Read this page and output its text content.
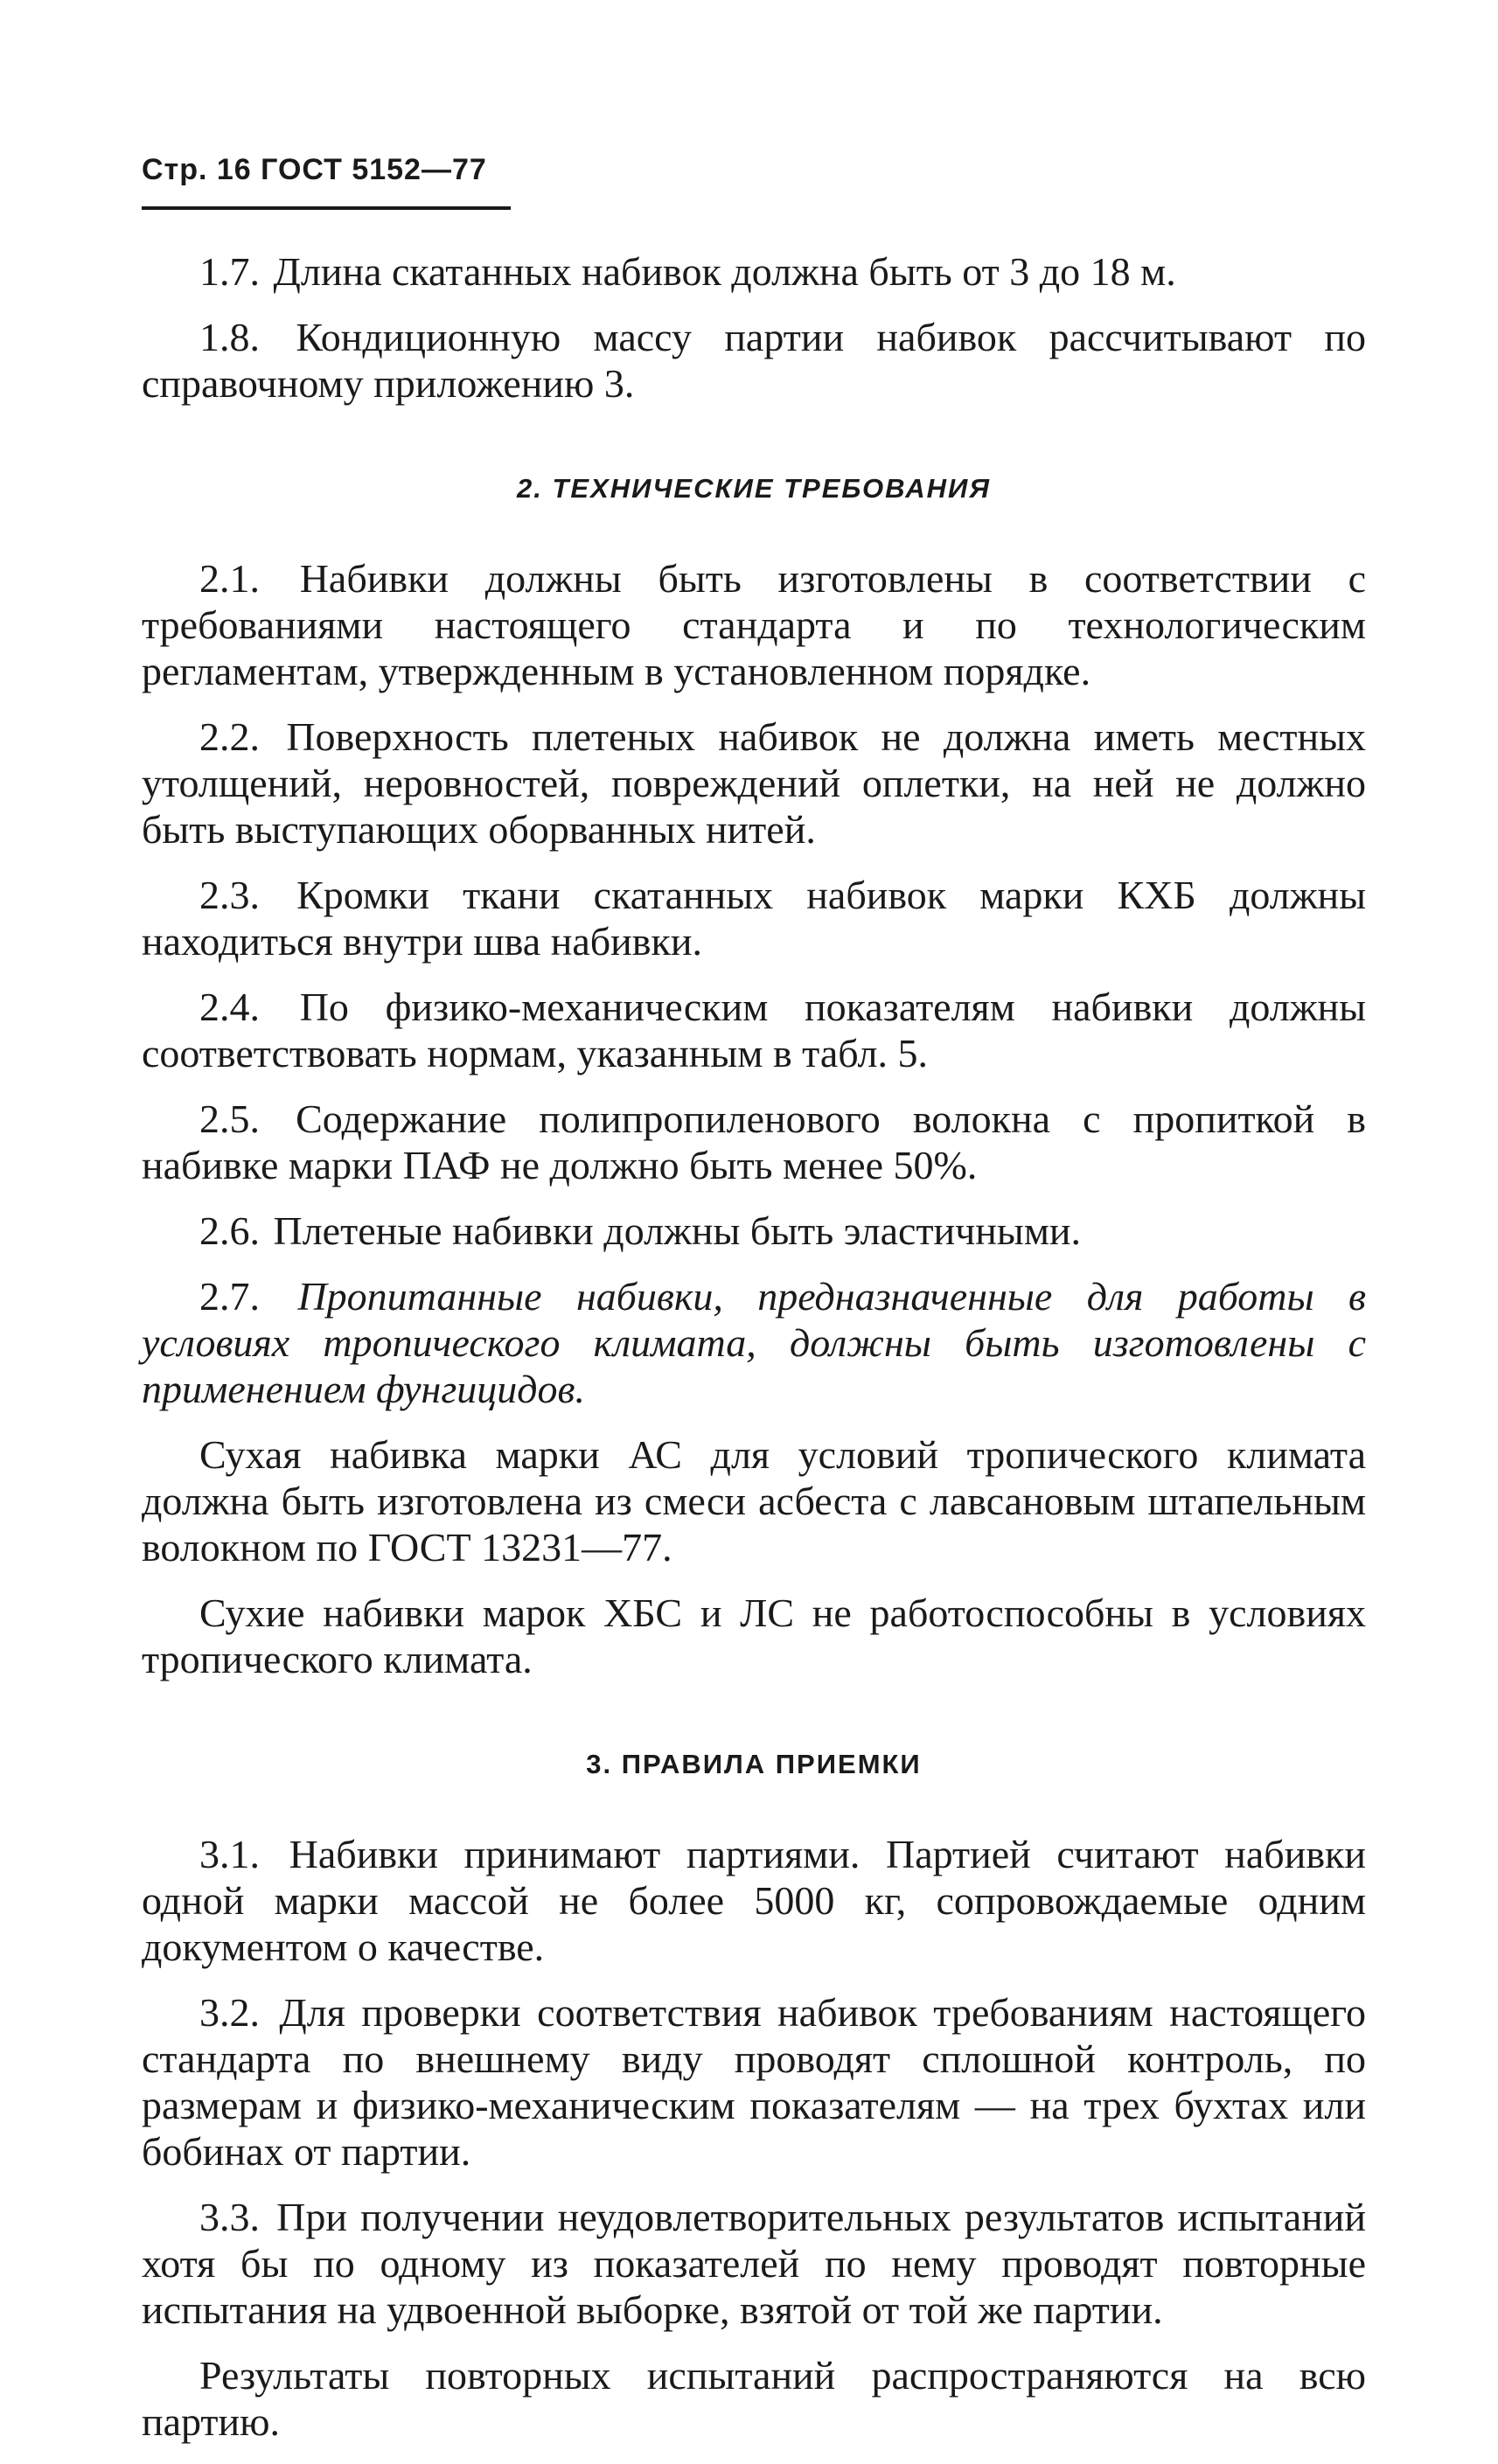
Стр. 16 ГОСТ 5152—77

1.7. Длина скатанных набивок должна быть от 3 до 18 м.

1.8. Кондиционную массу партии набивок рассчитывают по справочному приложению 3.

2. ТЕХНИЧЕСКИЕ ТРЕБОВАНИЯ

2.1. Набивки должны быть изготовлены в соответствии с требованиями настоящего стандарта и по технологическим регламентам, утвержденным в установленном порядке.

2.2. Поверхность плетеных набивок не должна иметь местных утолщений, неровностей, повреждений оплетки, на ней не должно быть выступающих оборванных нитей.

2.3. Кромки ткани скатанных набивок марки КХБ должны находиться внутри шва набивки.

2.4. По физико-механическим показателям набивки должны соответствовать нормам, указанным в табл. 5.

2.5. Содержание полипропиленового волокна с пропиткой в набивке марки ПАФ не должно быть менее 50%.

2.6. Плетеные набивки должны быть эластичными.

2.7. Пропитанные набивки, предназначенные для работы в условиях тропического климата, должны быть изготовлены с применением фунгицидов.

Сухая набивка марки АС для условий тропического климата должна быть изготовлена из смеси асбеста с лавсановым штапельным волокном по ГОСТ 13231—77.

Сухие набивки марок ХБС и ЛС не работоспособны в условиях тропического климата.

3. ПРАВИЛА ПРИЕМКИ

3.1. Набивки принимают партиями. Партией считают набивки одной марки массой не более 5000 кг, сопровождаемые одним документом о качестве.

3.2. Для проверки соответствия набивок требованиям настоящего стандарта по внешнему виду проводят сплошной контроль, по размерам и физико-механическим показателям — на трех бухтах или бобинах от партии.

3.3. При получении неудовлетворительных результатов испытаний хотя бы по одному из показателей по нему проводят повторные испытания на удвоенной выборке, взятой от той же партии.

Результаты повторных испытаний распространяются на всю партию.
